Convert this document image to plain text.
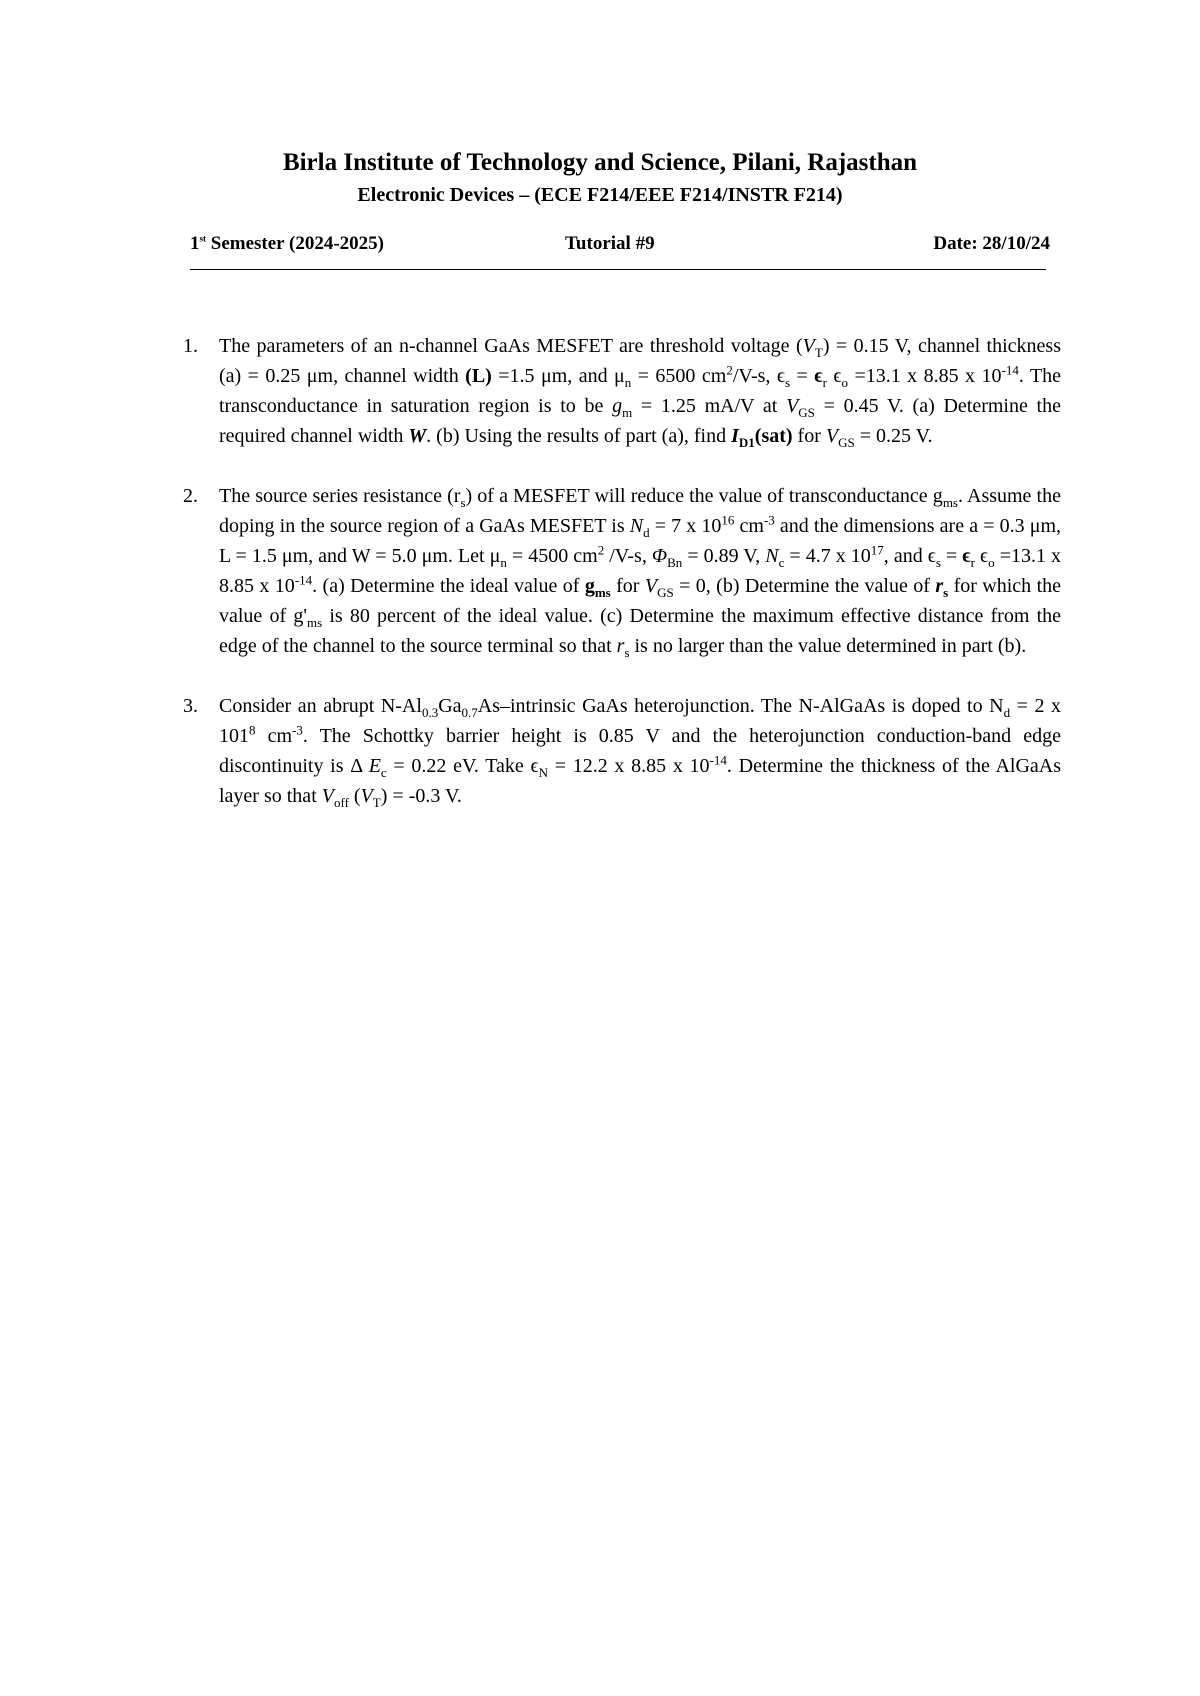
Birla Institute of Technology and Science, Pilani, Rajasthan
Electronic Devices – (ECE F214/EEE F214/INSTR F214)
1st Semester (2024-2025)	Tutorial #9	Date: 28/10/24
1. The parameters of an n-channel GaAs MESFET are threshold voltage $(V_T) = 0.15$ V, channel thickness (a) = 0.25 μm, channel width (L) =1.5 μm, and $\mu_n = 6500$ $cm^2/V-s$, $\epsilon_s = \epsilon_r$ $\epsilon_o =13.1$ x 8.85 x $10^{-14}$. The transconductance in saturation region is to be $g_m = 1.25$ mA/V at $V_{GS} = 0.45$ V. (a) Determine the required channel width W. (b) Using the results of part (a), find $I_{D1}(sat)$ for $V_{GS} = 0.25$ V.
2. The source series resistance $(r_s)$ of a MESFET will reduce the value of transconductance $g_{ms}$. Assume the doping in the source region of a GaAs MESFET is $N_d = 7$ x $10^{16}$ $cm^{-3}$ and the dimensions are a = 0.3 μm, L = 1.5 μm, and W = 5.0 μm. Let $\mu_n = 4500$ $cm^2$ /V-s, $\Phi_{Bn} = 0.89$ V, $N_c = 4.7$ x $10^{17}$, and $\epsilon_s = \epsilon_r$ $\epsilon_o =13.1$ x 8.85 x $10^{-14}$. (a) Determine the ideal value of $g_{ms}$ for $V_{GS} = 0$, (b) Determine the value of $r_s$ for which the value of $g'_{ms}$ is 80 percent of the ideal value. (c) Determine the maximum effective distance from the edge of the channel to the source terminal so that $r_s$ is no larger than the value determined in part (b).
3. Consider an abrupt $N-Al_{0.3}Ga_{0.7}As$–intrinsic GaAs heterojunction. The N-AlGaAs is doped to $N_d = 2$ x $101^8$ $cm^{-3}$. The Schottky barrier height is 0.85 V and the heterojunction conduction-band edge discontinuity is Δ $E_c = 0.22$ eV. Take $\epsilon_N = 12.2$ x 8.85 x $10^{-14}$. Determine the thickness of the AlGaAs layer so that $V_{off}$ $(V_T) = -0.3$ V.
